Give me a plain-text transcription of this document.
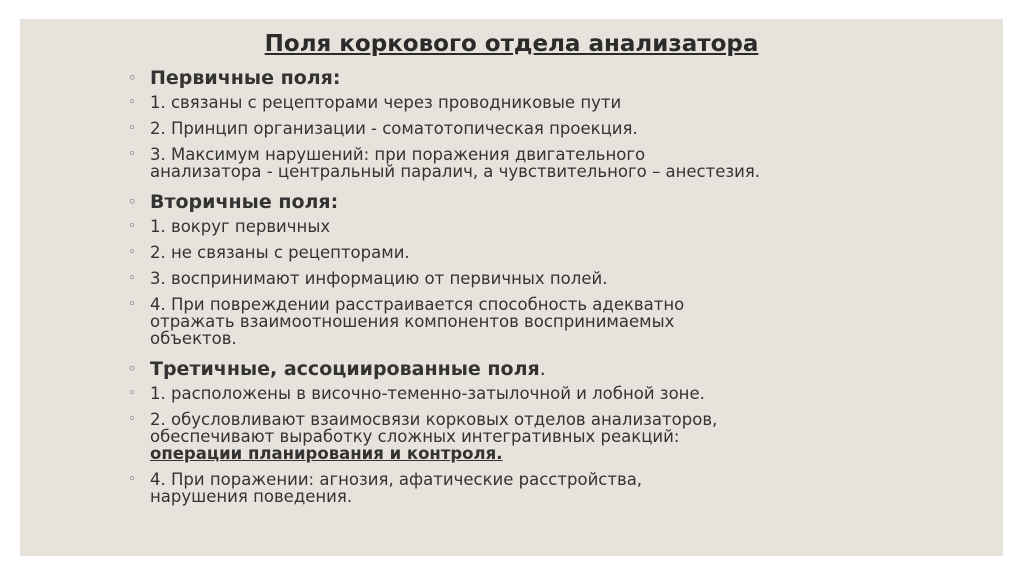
Поля коркового отдела анализатора
◦ Первичные поля:
◦ 1. связаны с рецепторами через проводниковые пути
◦ 2. Принцип организации - соматотопическая проекция.
◦ 3. Максимум нарушений: при поражения двигательного
анализатора - центральный паралич, а чувствительного – анестезия.
◦ Вторичные поля:
◦ 1. вокруг первичных
◦ 2. не связаны с рецепторами.
◦ 3. воспринимают информацию от первичных полей.
◦ 4. При повреждении расстраивается способность адекватно
отражать взаимоотношения компонентов воспринимаемых
объектов.
◦ Третичные, ассоциированные поля.
◦ 1. расположены в височно-теменно-затылочной и лобной зоне.
◦ 2. обусловливают взаимосвязи корковых отделов анализаторов,
обеспечивают выработку сложных интегративных реакций:
операции планирования и контроля.
◦ 4. При поражении: агнозия, афатические расстройства,
нарушения поведения.
